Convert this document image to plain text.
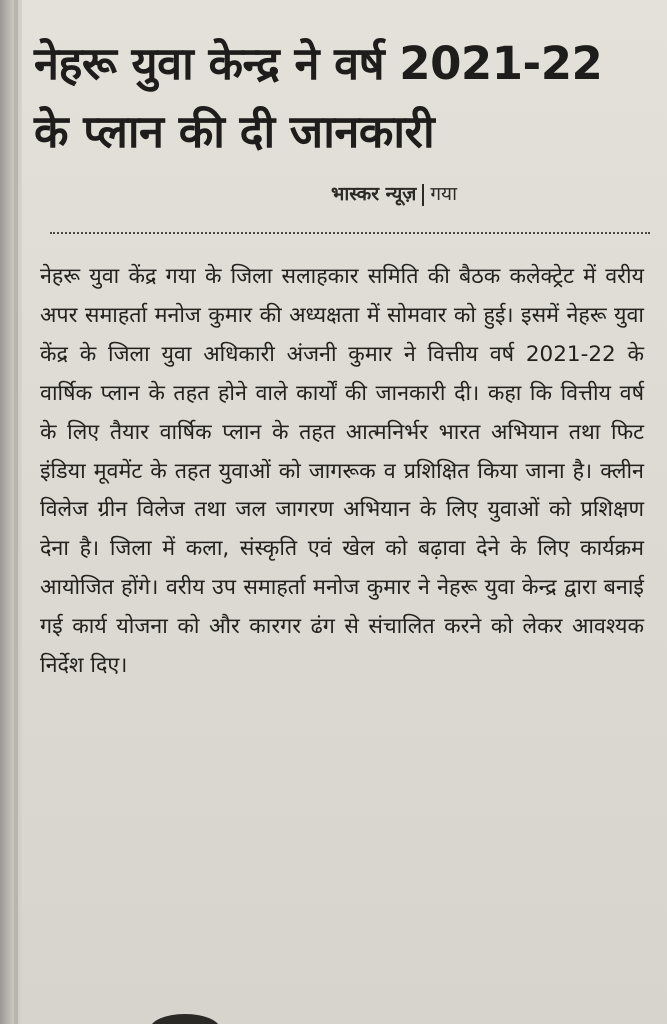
नेहरू युवा केन्द्र ने वर्ष 2021-22 के प्लान की दी जानकारी
भास्कर न्यूज़ गया

नेहरू युवा केंद्र गया के जिला सलाहकार समिति की बैठक कलेक्ट्रेट में वरीय अपर समाहर्ता मनोज कुमार की अध्यक्षता में सोमवार को हुई। इसमें नेहरू युवा केंद्र के जिला युवा अधिकारी अंजनी कुमार ने वित्तीय वर्ष 2021-22 के वार्षिक प्लान के तहत होने वाले कार्यों की जानकारी दी। कहा कि वित्तीय वर्ष के लिए तैयार वार्षिक प्लान के तहत आत्मनिर्भर भारत अभियान तथा फिट इंडिया मूवमेंट के तहत युवाओं को जागरूक व प्रशिक्षित किया जाना है। क्लीन विलेज ग्रीन विलेज तथा जल जागरण अभियान के लिए युवाओं को प्रशिक्षण देना है। जिला में कला, संस्कृति एवं खेल को बढ़ावा देने के लिए कार्यक्रम आयोजित होंगे। वरीय उप समाहर्ता मनोज कुमार ने नेहरू युवा केन्द्र द्वारा बनाई गई कार्य योजना को और कारगर ढंग से संचालित करने को लेकर आवश्यक निर्देश दिए।
